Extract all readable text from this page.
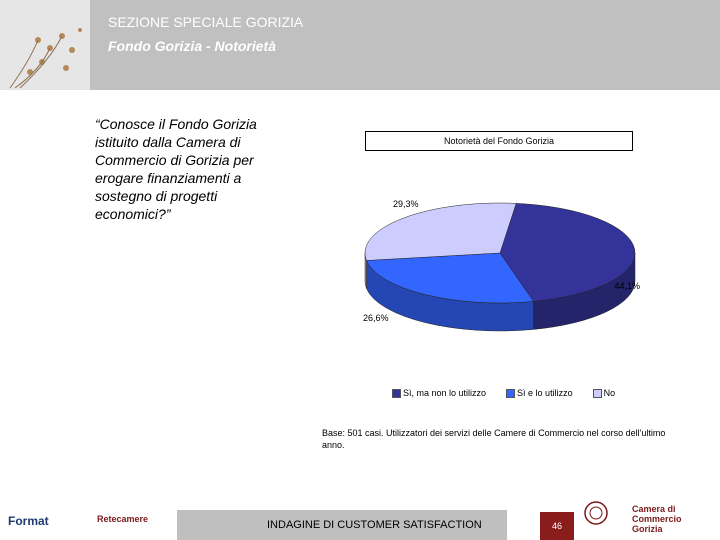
SEZIONE SPECIALE GORIZIA
Fondo Gorizia - Notorietà
“Conosce il Fondo Gorizia istituito dalla Camera di Commercio di Gorizia per erogare finanziamenti a sostegno di progetti economici?”
Notorietà del Fondo Gorizia
44,1%
26,6%
29,3%
Sì, ma non lo utilizzo	Sì e lo utilizzo	No
Base: 501 casi. Utilizzatori dei servizi delle Camere di Commercio nel corso dell'ultimo anno.
Format	Retecamere	INDAGINE DI CUSTOMER SATISFACTION	46
Camera di Commercio
Gorizia
